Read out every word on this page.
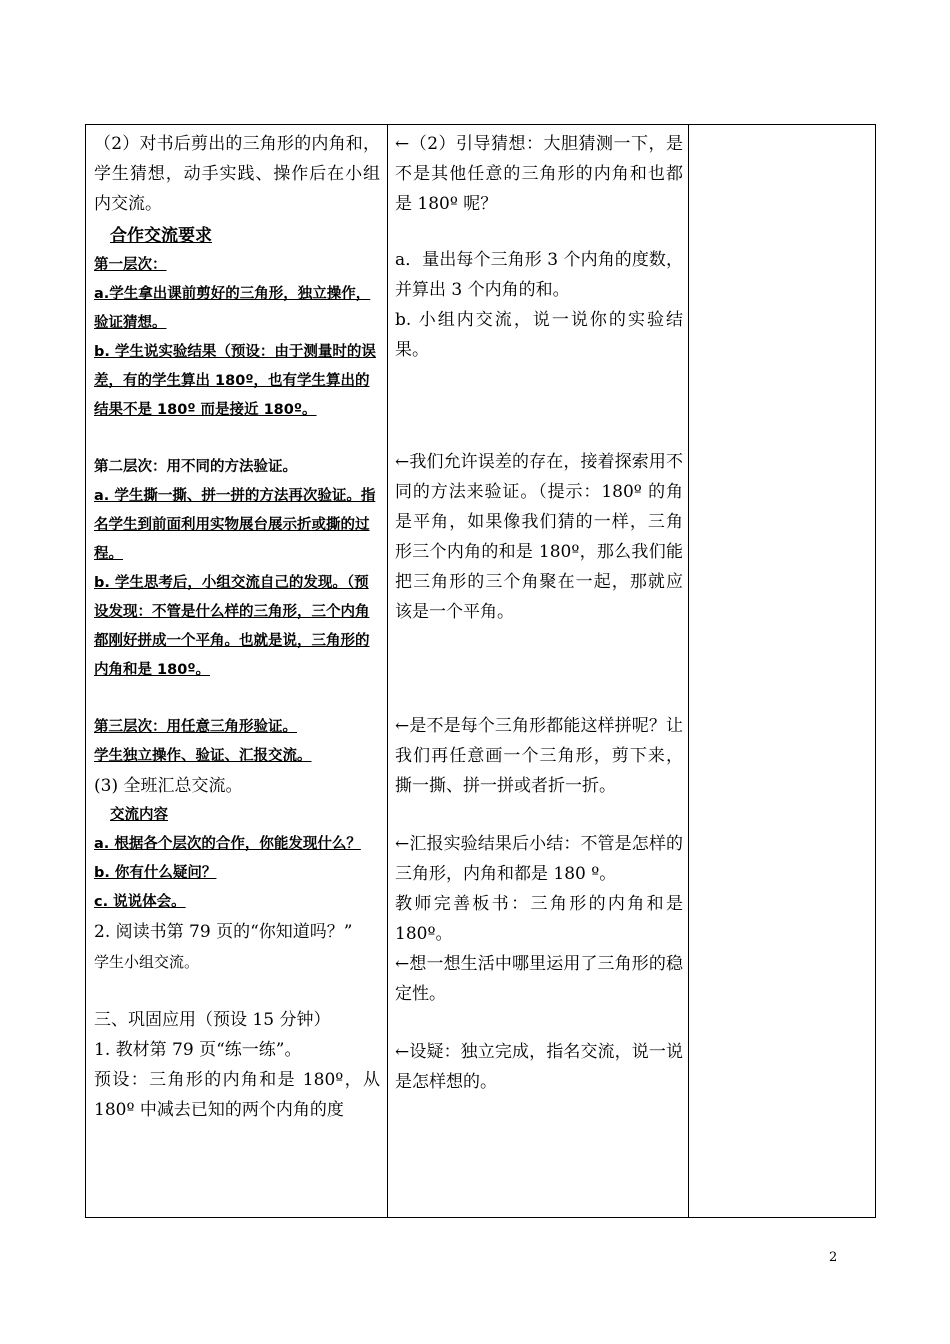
（2）对书后剪出的三角形的内角和，学生猜想，动手实践、操作后在小组内交流。

合作交流要求

第一层次：

a.学生拿出课前剪好的三角形，独立操作，验证猜想。

b. 学生说实验结果（预设：由于测量时的误差，有的学生算出 180º，也有学生算出的结果不是 180º 而是接近 180º。

第二层次：用不同的方法验证。

a. 学生撕一撕、拼一拼的方法再次验证。指名学生到前面利用实物展台展示折或撕的过程。

b. 学生思考后，小组交流自己的发现。（预设发现：不管是什么样的三角形，三个内角都刚好拼成一个平角。也就是说，三角形的内角和是 180º。

第三层次：用任意三角形验证。

学生独立操作、验证、汇报交流。

(3) 全班汇总交流。

交流内容

a. 根据各个层次的合作，你能发现什么？

b. 你有什么疑问？

c. 说说体会。

2. 阅读书第 79 页的“你知道吗？”

学生小组交流。

三、巩固应用（预设 15 分钟）

1. 教材第 79 页“练一练”。

预设：三角形的内角和是 180º，从 180º 中减去已知的两个内角的度

←（2）引导猜想：大胆猜测一下，是不是其他任意的三角形的内角和也都是 180º 呢？

a．量出每个三角形 3 个内角的度数，并算出 3 个内角的和。

b. 小组内交流，说一说你的实验结果。

←我们允许误差的存在，接着探索用不同的方法来验证。（提示：180º 的角是平角，如果像我们猜的一样，三角形三个内角的和是 180º，那么我们能把三角形的三个角聚在一起，那就应该是一个平角。

←是不是每个三角形都能这样拼呢？让我们再任意画一个三角形，剪下来，撕一撕、拼一拼或者折一折。

←汇报实验结果后小结：不管是怎样的三角形，内角和都是 180 º。

教师完善板书：三角形的内角和是 180º。

←想一想生活中哪里运用了三角形的稳定性。

←设疑：独立完成，指名交流，说一说是怎样想的。

2
